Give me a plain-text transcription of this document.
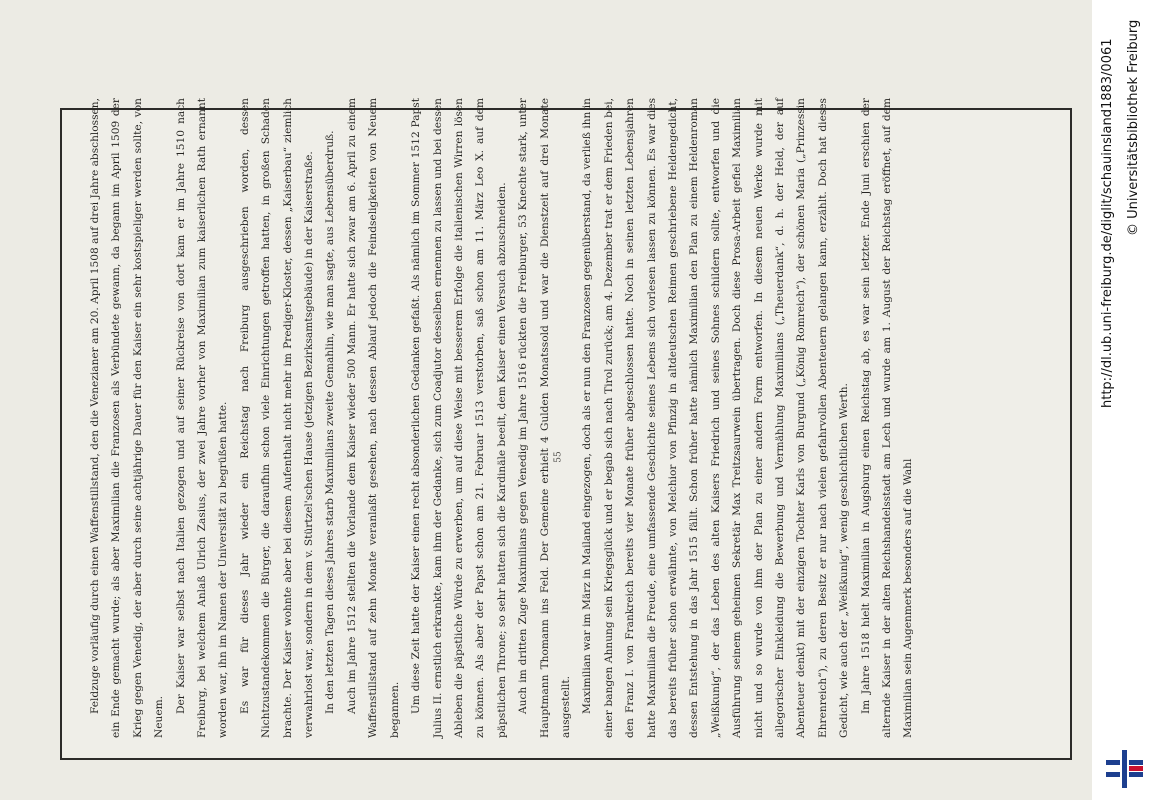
Feldzuge vorläufig durch einen Waffenstillstand, den die Venezianer am 20. April 1508 auf drei Jahre abschlossen, ein Ende gemacht wurde; als aber Maximilian die Franzosen als Verbündete gewann, da begann im April 1509 der Krieg gegen Venedig, der aber durch seine achtjährige Dauer für den Kaiser ein sehr kostspieliger werden sollte, von Neuem.

Der Kaiser war selbst nach Italien gezogen und auf seiner Rückreise von dort kam er im Jahre 1510 nach Freiburg, bei welchem Anlaß Ulrich Zasius, der zwei Jahre vorher von Maximilian zum kaiserlichen Rath ernannt worden war, ihn im Namen der Universität zu begrüßen hatte. Es war für dieses Jahr wieder ein Reichstag nach Freiburg ausgeschrieben worden, dessen Nichtzustandekommen die Bürger, die daraufhin schon viele Einrichtungen getroffen hatten, in großen Schaden brachte. Der Kaiser wohnte aber bei diesem Aufenthalt nicht mehr im Prediger-Kloster, dessen „Kaiserbau“ ziemlich verwahrlost war, sondern in dem v. Stürtzel'schen Hause (jetzigen Bezirksamtsgebäude) in der Kaiserstraße. In den letzten Tagen dieses Jahres starb Maximilians zweite Gemahlin, wie man sagte, aus Lebensüberdruß. Auch im Jahre 1512 stellten die Vorlande dem Kaiser wieder 500 Mann. Er hatte sich zwar am 6. April zu einem Waffenstillstand auf zehn Monate veranlaßt gesehen, nach dessen Ablauf jedoch die Feindseligkeiten von Neuem begannen. Um diese Zeit hatte der Kaiser einen recht absonderlichen Gedanken gefaßt. Als nämlich im Sommer 1512 Papst Julius II. ernstlich erkrankte, kam ihm der Gedanke, sich zum Coadjutor desselben ernennen zu lassen und bei dessen Ableben die päpstliche Würde zu erwerben, um auf diese Weise mit besserem Erfolge die italienischen Wirren lösen zu können. Als aber der Papst schon am 21. Februar 1513 verstorben, saß schon am 11. März Leo X. auf dem päpstlichen Throne; so sehr hatten sich die Kardinäle beeilt, dem Kaiser einen Versuch abzuschneiden. Auch im dritten Zuge Maximilians gegen Venedig im Jahre 1516 rückten die Freiburger, 53 Knechte stark, unter Hauptmann Thomann ins Feld. Der Gemeine erhielt 4 Gulden Monatssold und war die Dienstzeit auf drei Monate ausgestellt. Maximilian war im März in Mailand eingezogen, doch als er nun den Franzosen gegenüberstand, da verließ ihn in einer bangen Ahnung sein Kriegsglück und er begab sich nach Tirol zurück; am 4. Dezember trat er dem Frieden bei, den Franz I. von Frankreich bereits vier Monate früher abgeschlossen hatte. Noch in seinen letzten Lebensjahren hatte Maximilian die Freude, eine umfassende Geschichte seines Lebens sich vorlesen lassen zu können. Es war dies das bereits früher schon erwähnte, von Melchior von Pfinzig in altdeutschen Reimen geschriebene Heldengedicht, dessen Entstehung in das Jahr 1515 fällt. Schon früher hatte nämlich Maximilian den Plan zu einem Heldenroman „Weißkunig“, der das Leben des alten Kaisers Friedrich und seines Sohnes schildern sollte, entworfen und die Ausführung seinem geheimen Sekretär Max Treitzsaurwein übertragen. Doch diese Prosa-Arbeit gefiel Maximilian nicht und so wurde von ihm der Plan zu einer andern Form entworfen. In diesem neuen Werke wurde mit allegorischer Einkleidung die Bewerbung und Vermählung Maximilians („Theuerdank“, d. h. der Held, der auf Abenteuer denkt) mit der einzigen Tochter Karls von Burgund („König Romreich“), der schönen Maria („Prinzessin Ehrenreich“), zu deren Besitz er nur nach vielen gefahrvollen Abenteuern gelangen kann, erzählt. Doch hat dieses Gedicht, wie auch der „Weißkunig“, wenig geschichtlichen Werth. Im Jahre 1518 hielt Maximilian in Augsburg einen Reichstag ab, es war sein letzter. Ende Juni erschien der alternde Kaiser in der alten Reichshandelsstadt am Lech und wurde am 1. August der Reichstag eröffnet, auf dem Maximilian sein Augenmerk besonders auf die Wahl

55
© Universitätsbibliothek Freiburg
